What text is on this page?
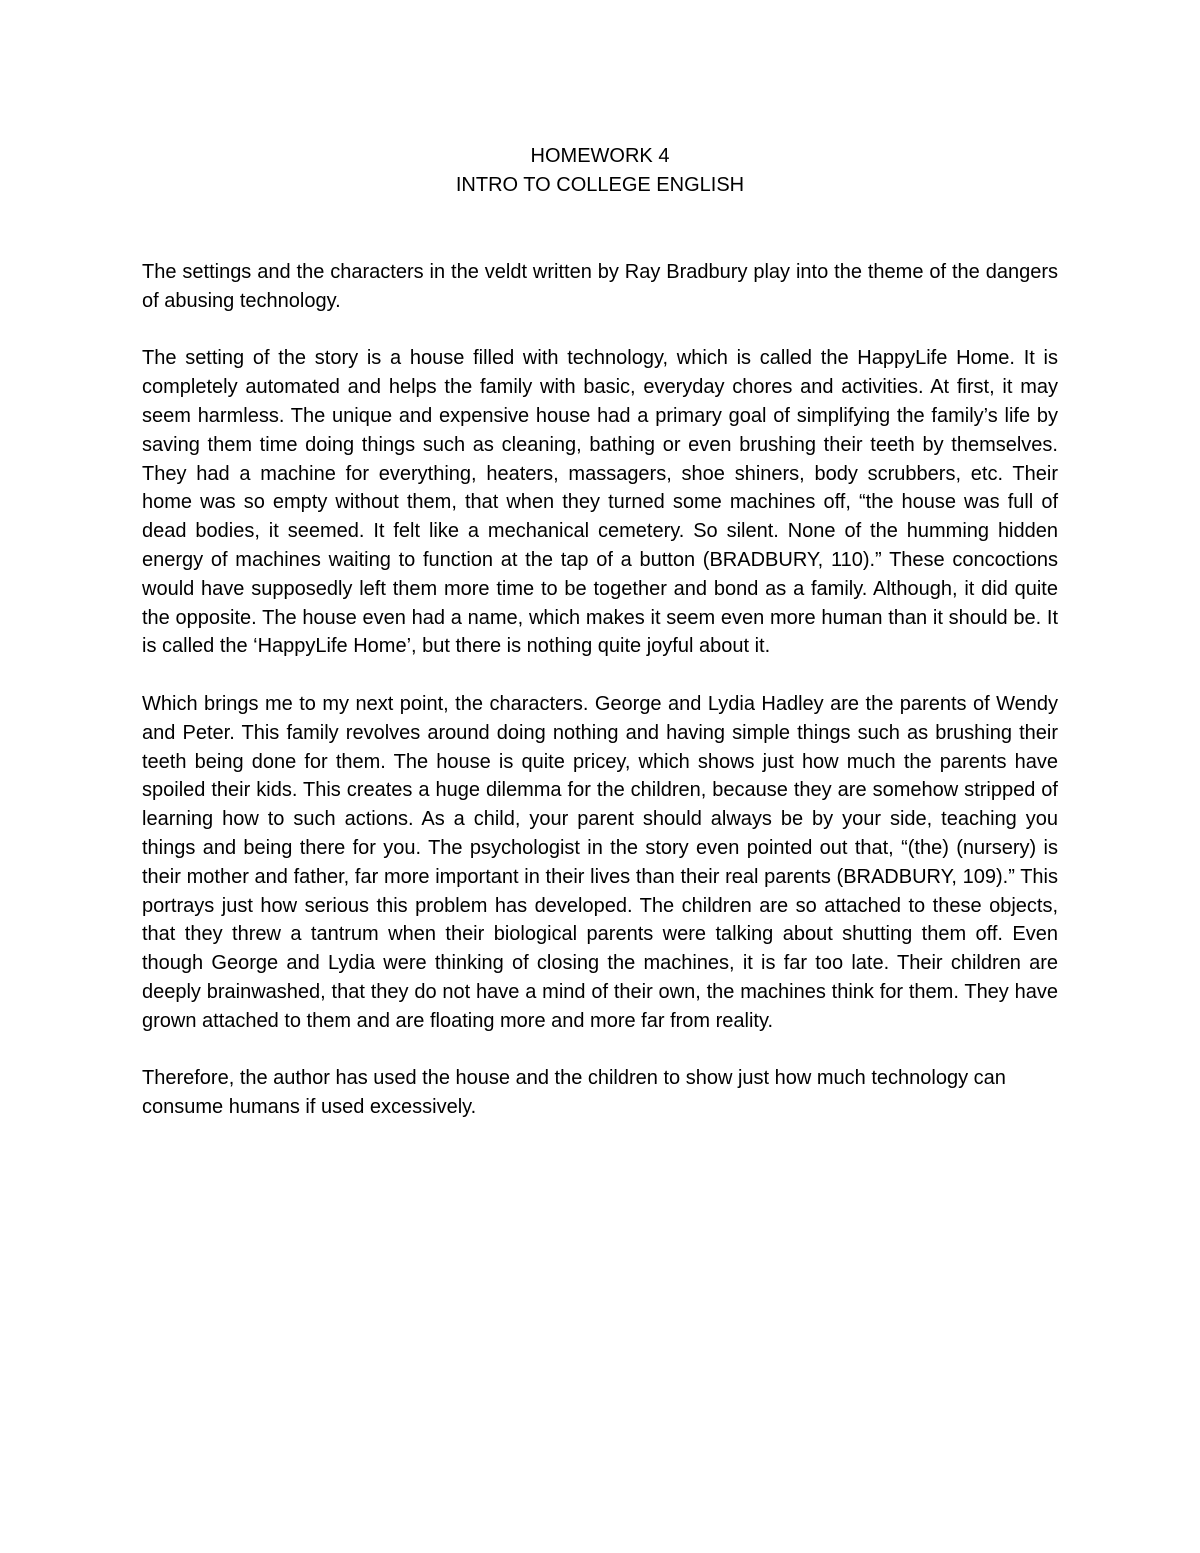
HOMEWORK 4
INTRO TO COLLEGE ENGLISH

The settings and the characters in the veldt written by Ray Bradbury play into the theme of the dangers of abusing technology.

The setting of the story is a house filled with technology, which is called the HappyLife Home. It is completely automated and helps the family with basic, everyday chores and activities. At first, it may seem harmless. The unique and expensive house had a primary goal of simplifying the family’s life by saving them time doing things such as cleaning, bathing or even brushing their teeth by themselves. They had a machine for everything, heaters, massagers, shoe shiners, body scrubbers, etc. Their home was so empty without them, that when they turned some machines off, “the house was full of dead bodies, it seemed. It felt like a mechanical cemetery. So silent. None of the humming hidden energy of machines waiting to function at the tap of a button (BRADBURY, 110).” These concoctions would have supposedly left them more time to be together and bond as a family. Although, it did quite the opposite. The house even had a name, which makes it seem even more human than it should be. It is called the ‘HappyLife Home’, but there is nothing quite joyful about it.

Which brings me to my next point, the characters. George and Lydia Hadley are the parents of Wendy and Peter. This family revolves around doing nothing and having simple things such as brushing their teeth being done for them. The house is quite pricey, which shows just how much the parents have spoiled their kids. This creates a huge dilemma for the children, because they are somehow stripped of learning how to such actions. As a child, your parent should always be by your side, teaching you things and being there for you. The psychologist in the story even pointed out that, “(the) (nursery) is their mother and father, far more important in their lives than their real parents (BRADBURY, 109).” This portrays just how serious this problem has developed. The children are so attached to these objects, that they threw a tantrum when their biological parents were talking about shutting them off. Even though George and Lydia were thinking of closing the machines, it is far too late. Their children are deeply brainwashed, that they do not have a mind of their own, the machines think for them. They have grown attached to them and are floating more and more far from reality.

Therefore, the author has used the house and the children to show just how much technology can consume humans if used excessively.
